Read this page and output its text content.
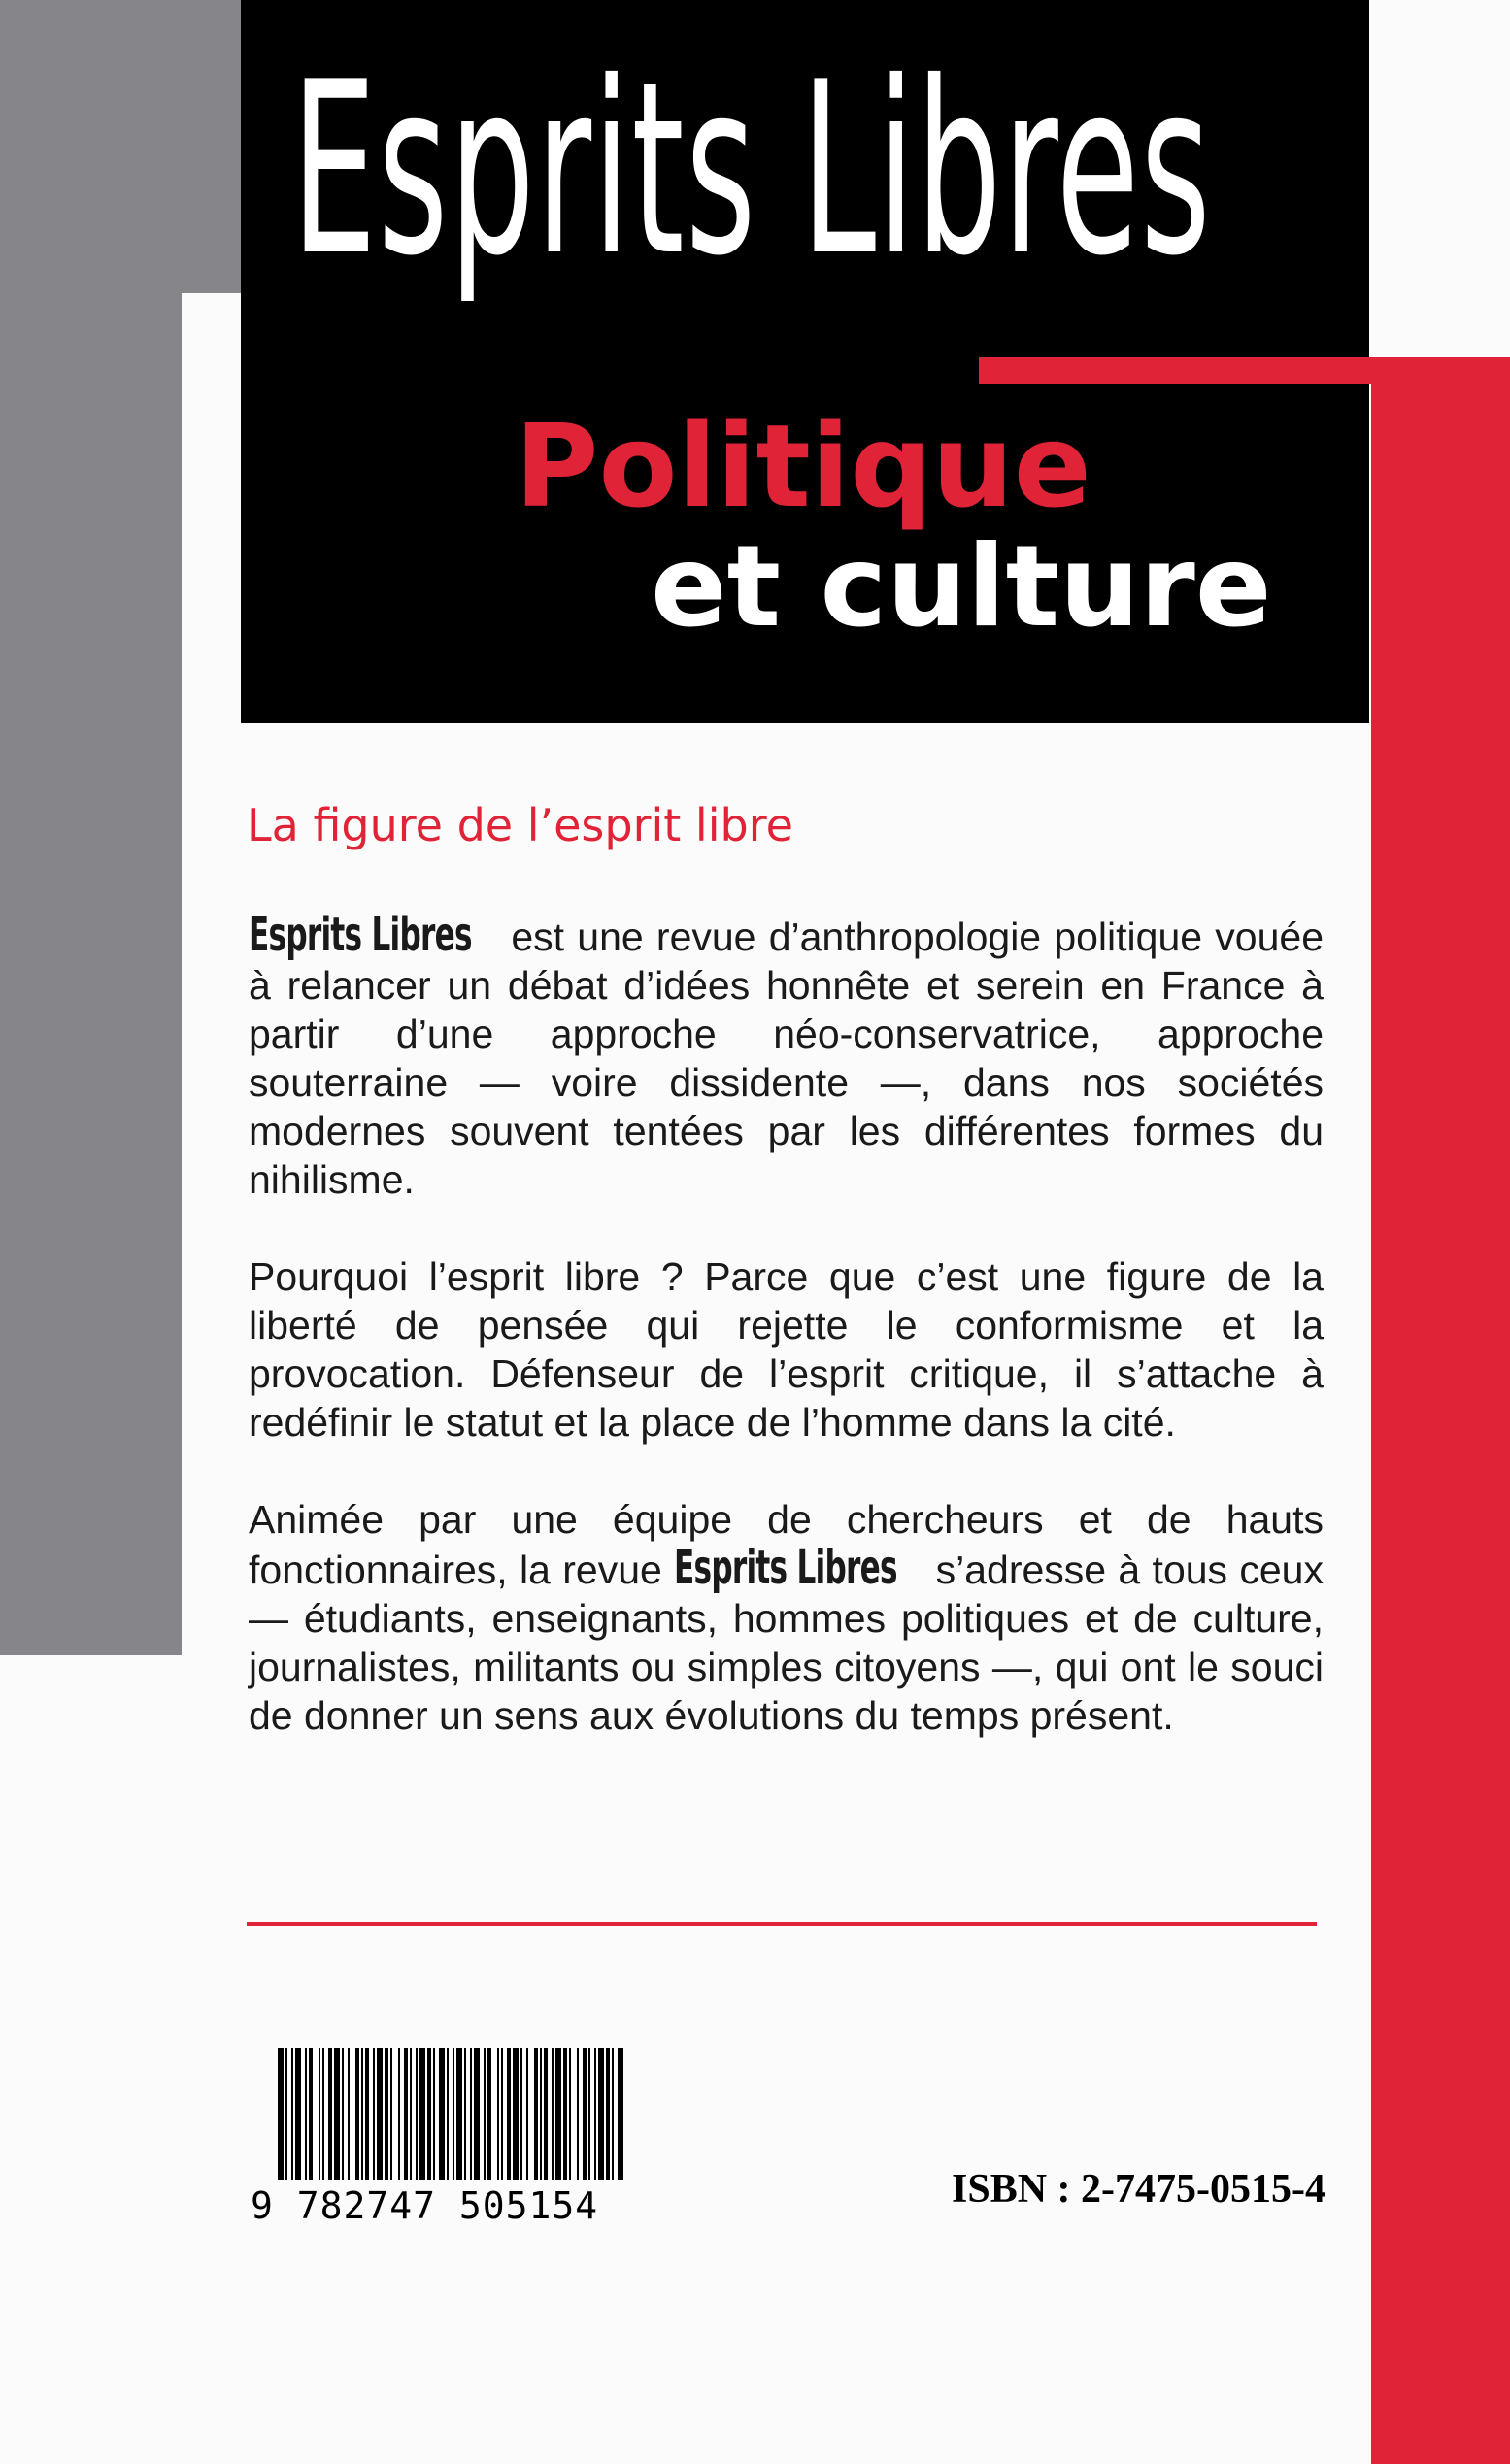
Esprits Libres
Politique
et culture
La figure de l’esprit libre
Esprits Libres est une revue d’anthropologie politique vouée à relancer un débat d’idées honnête et serein en France à partir d’une approche néo-conservatrice, approche souterraine — voire dissidente —, dans nos sociétés modernes souvent tentées par les différentes formes du nihilisme.
Pourquoi l’esprit libre ? Parce que c’est une figure de la liberté de pensée qui rejette le conformisme et la provocation. Défenseur de l’esprit critique, il s’attache à redéfinir le statut et la place de l’homme dans la cité.
Animée par une équipe de chercheurs et de hauts fonctionnaires, la revue Esprits Libres s’adresse à tous ceux — étudiants, enseignants, hommes politiques et de culture, journalistes, militants ou simples citoyens —, qui ont le souci de donner un sens aux évolutions du temps présent.
9 782747 505154	ISBN : 2-7475-0515-4
